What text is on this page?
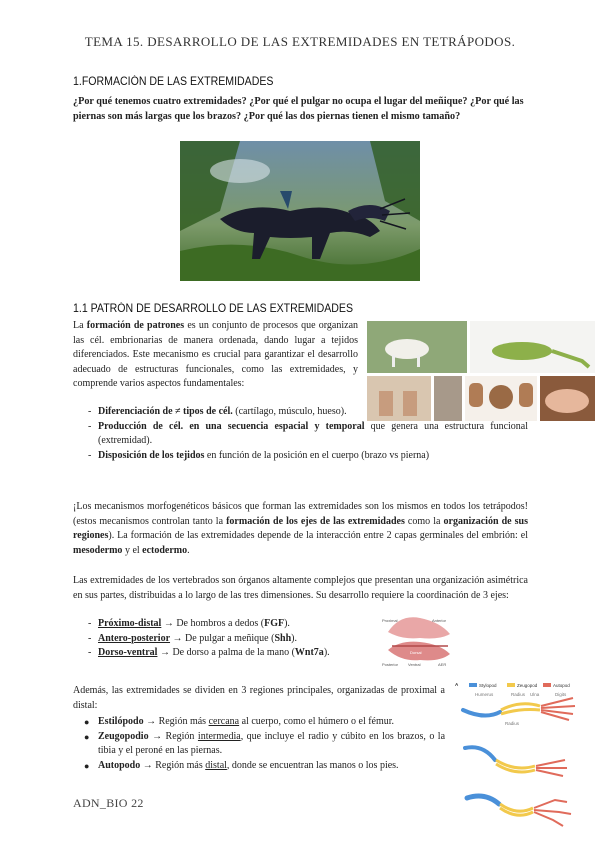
TEMA 15. DESARROLLO DE LAS EXTREMIDADES EN TETRÁPODOS.
1.FORMACIÓN DE LAS EXTREMIDADES
¿Por qué tenemos cuatro extremidades? ¿Por qué el pulgar no ocupa el lugar del meñique? ¿Por qué las piernas son más largas que los brazos? ¿Por qué las dos piernas tienen el mismo tamaño?
1.1 PATRÓN DE DESARROLLO DE LAS EXTREMIDADES
La formación de patrones es un conjunto de procesos que organizan las cél. embrionarias de manera ordenada, dando lugar a tejidos diferenciados. Este mecanismo es crucial para garantizar el desarrollo adecuado de estructuras funcionales, como las extremidades, y comprende varios aspectos fundamentales:
- Diferenciación de ≠ tipos de cél. (cartílago, músculo, hueso).
- Producción de cél. en una secuencia espacial y temporal que genera una estructura funcional (extremidad).
- Disposición de los tejidos en función de la posición en el cuerpo (brazo vs pierna)
¡Los mecanismos morfogenéticos básicos que forman las extremidades son los mismos en todos los tetrápodos! (estos mecanismos controlan tanto la formación de los ejes de las extremidades como la organización de sus regiones). La formación de las extremidades depende de la interacción entre 2 capas germinales del embrión: el mesodermo y el ectodermo.
Las extremidades de los vertebrados son órganos altamente complejos que presentan una organización asimétrica en sus partes, distribuidas a lo largo de las tres dimensiones. Su desarrollo requiere la coordinación de 3 ejes:
- Próximo-distal → De hombros a dedos (FGF).
- Antero-posterior → De pulgar a meñique (Shh).
- Dorso-ventral → De dorso a palma de la mano (Wnt7a).
Proximal	Anterior
Posterior
Dorsal
Ventral	AER
Además, las extremidades se dividen en 3 regiones principales, organizadas de proximal a distal:
● Estilópodo → Región más cercana al cuerpo, como el húmero o el fémur.
● Zeugopodio → Región intermedia, que incluye el radio y cúbito en los brazos, o la tibia y el peroné en las piernas.
● Autopodo → Región más distal, donde se encuentran las manos o los pies.
A	Stylopod	Zeugopod	Autopod
Humerus	Radius Ulna	Digits
Radius
ADN_BIO 22
